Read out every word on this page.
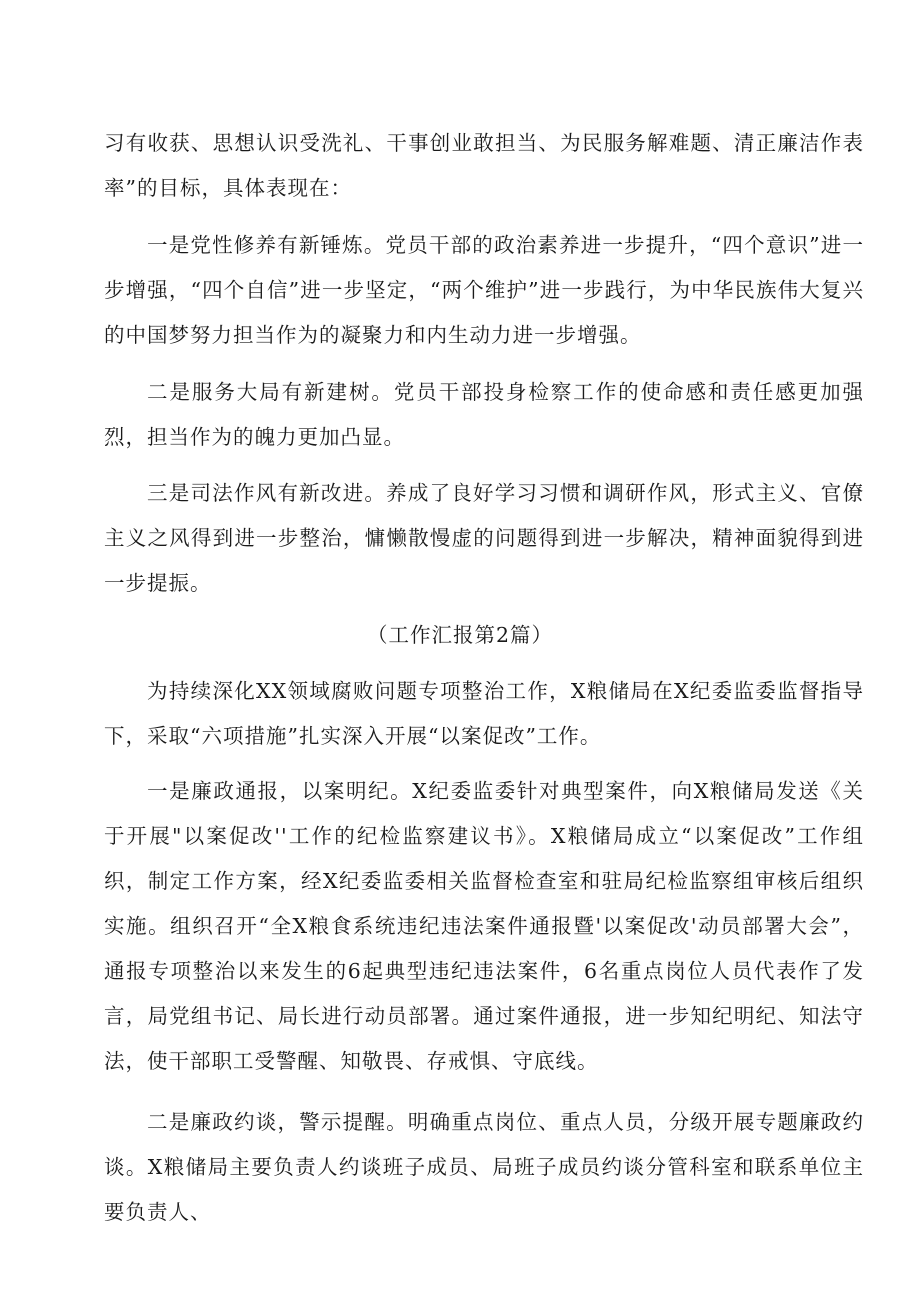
习有收获、思想认识受洗礼、干事创业敢担当、为民服务解难题、清正廉洁作表率”的目标，具体表现在：

一是党性修养有新锤炼。党员干部的政治素养进一步提升，“四个意识”进一步增强，“四个自信”进一步坚定，“两个维护”进一步践行，为中华民族伟大复兴的中国梦努力担当作为的凝聚力和内生动力进一步增强。

二是服务大局有新建树。党员干部投身检察工作的使命感和责任感更加强烈，担当作为的魄力更加凸显。

三是司法作风有新改进。养成了良好学习习惯和调研作风，形式主义、官僚主义之风得到进一步整治，慵懒散慢虚的问题得到进一步解决，精神面貌得到进一步提振。

（工作汇报第2篇）

为持续深化XX领域腐败问题专项整治工作，X粮储局在X纪委监委监督指导下，采取“六项措施”扎实深入开展“以案促改”工作。

一是廉政通报，以案明纪。X纪委监委针对典型案件，向X粮储局发送《关于开展"以案促改''工作的纪检监察建议书》。X粮储局成立“以案促改”工作组织，制定工作方案，经X纪委监委相关监督检查室和驻局纪检监察组审核后组织实施。组织召开“全X粮食系统违纪违法案件通报暨'以案促改'动员部署大会”，通报专项整治以来发生的6起典型违纪违法案件，6名重点岗位人员代表作了发言，局党组书记、局长进行动员部署。通过案件通报，进一步知纪明纪、知法守法，使干部职工受警醒、知敬畏、存戒惧、守底线。

二是廉政约谈，警示提醒。明确重点岗位、重点人员，分级开展专题廉政约谈。X粮储局主要负责人约谈班子成员、局班子成员约谈分管科室和联系单位主要负责人、
